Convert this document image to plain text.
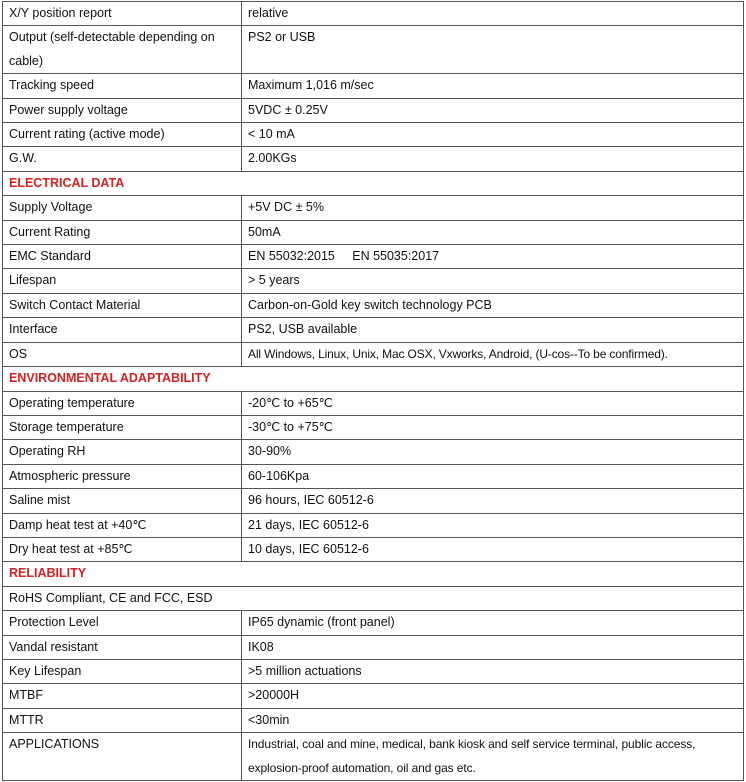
X/Y position report	relative
Output (self-detectable depending on cable)	PS2 or USB
Tracking speed	Maximum 1,016 m/sec
Power supply voltage	5VDC ± 0.25V
Current rating (active mode)	< 10 mA
G.W.	2.00KGs
ELECTRICAL DATA	
Supply Voltage	+5V DC ± 5%
Current Rating	50mA
EMC Standard	EN 55032:2015     EN 55035:2017
Lifespan	> 5 years
Switch Contact Material	Carbon-on-Gold key switch technology PCB
Interface	PS2, USB available
OS	All Windows, Linux, Unix, Mac OSX, Vxworks, Android, (U-cos--To be confirmed).
ENVIRONMENTAL ADAPTABILITY	
Operating temperature	-20℃ to +65℃
Storage temperature	-30℃ to +75℃
Operating RH	30-90%
Atmospheric pressure	60-106Kpa
Saline mist	96 hours, IEC 60512-6
Damp heat test at +40℃	21 days, IEC 60512-6
Dry heat test at +85℃	10 days, IEC 60512-6
RELIABILITY	
RoHS Compliant, CE and FCC, ESD	
Protection Level	IP65 dynamic (front panel)
Vandal resistant	IK08
Key Lifespan	>5 million actuations
MTBF	>20000H
MTTR	<30min
APPLICATIONS	Industrial, coal and mine, medical, bank kiosk and self service terminal, public access, explosion-proof automation, oil and gas etc.
